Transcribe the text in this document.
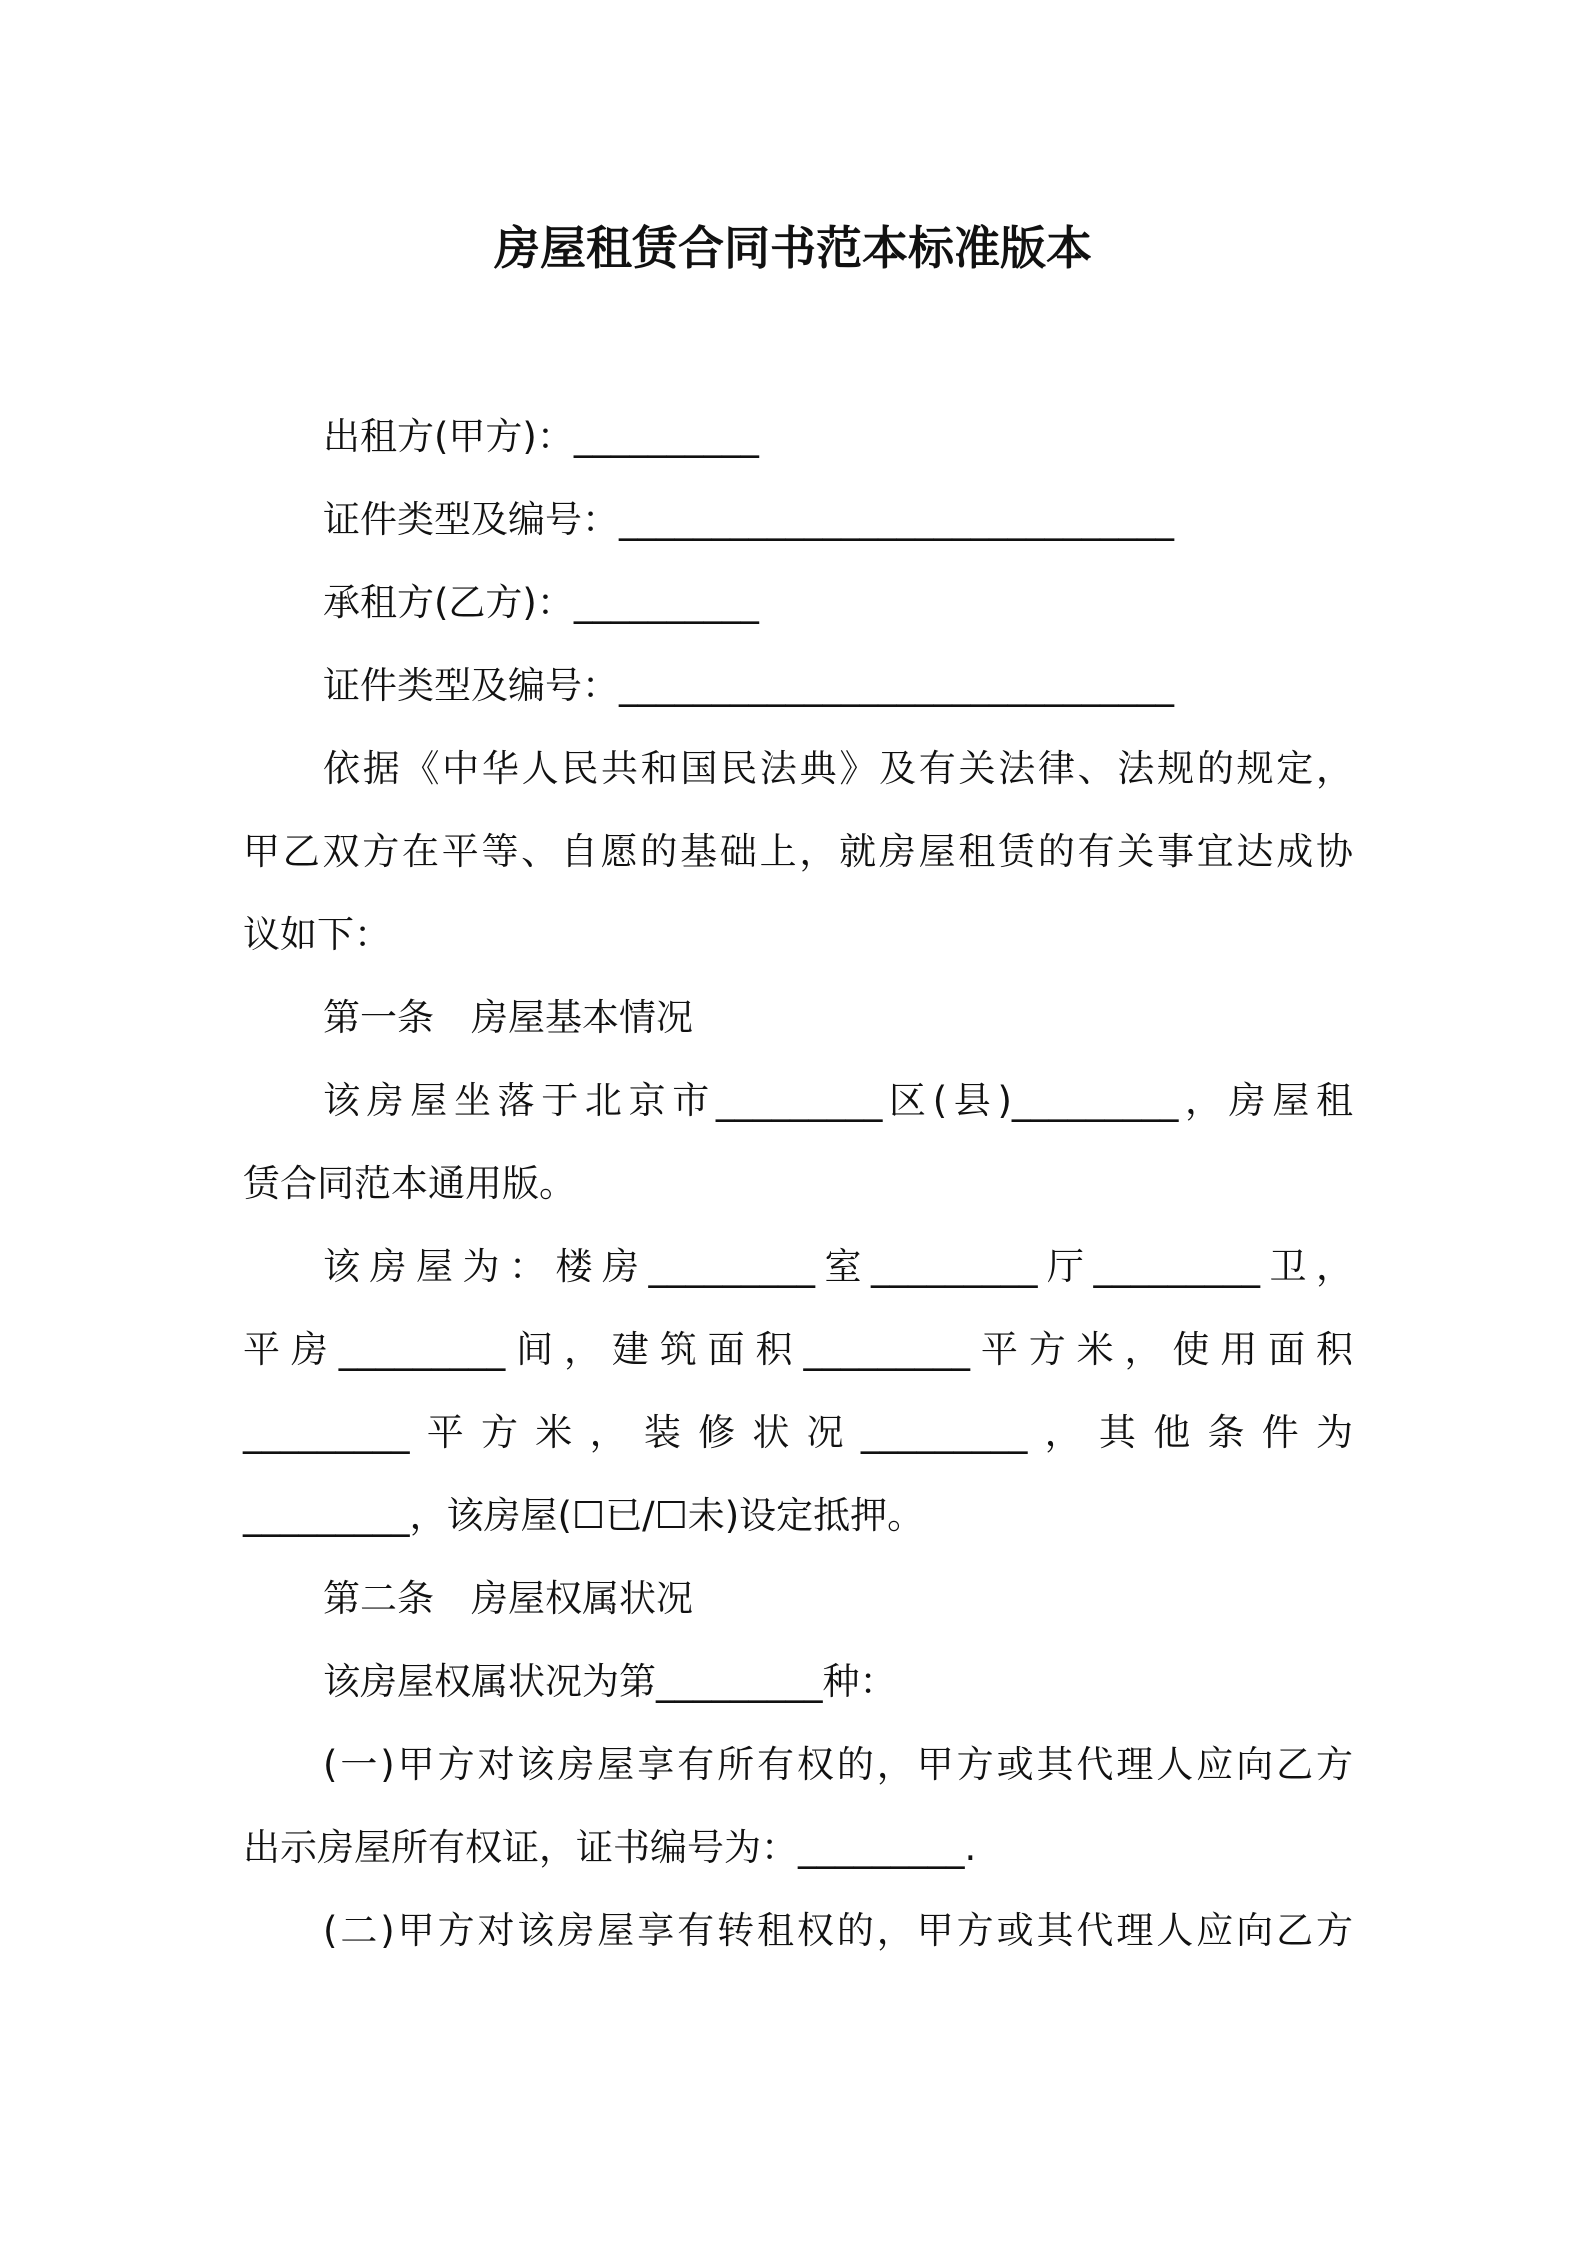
房屋租赁合同书范本标准版本

出租方(甲方)：__________

证件类型及编号：______________________________

承租方(乙方)：__________

证件类型及编号：______________________________

依据《中华人民共和国民法典》及有关法律、法规的规定，

甲乙双方在平等、自愿的基础上，就房屋租赁的有关事宜达成协

议如下：

第一条　房屋基本情况

该房屋坐落于北京市_________区(县)_________，房屋租

赁合同范本通用版。

该房屋为：楼房_________室_________厅_________卫，

平房_________间，建筑面积_________平方米，使用面积

_________平方米，装修状况_________，其他条件为

_________，该房屋(☐已/☐未)设定抵押。

第二条　房屋权属状况

该房屋权属状况为第_________种：

(一)甲方对该房屋享有所有权的，甲方或其代理人应向乙方

出示房屋所有权证，证书编号为：_________.

(二)甲方对该房屋享有转租权的，甲方或其代理人应向乙方
